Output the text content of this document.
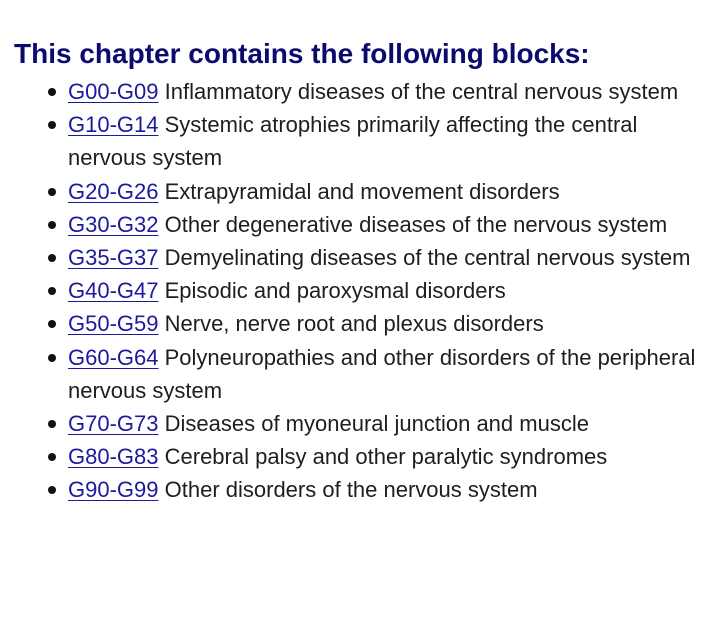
This chapter contains the following blocks:
G00-G09 Inflammatory diseases of the central nervous system
G10-G14 Systemic atrophies primarily affecting the central nervous system
G20-G26 Extrapyramidal and movement disorders
G30-G32 Other degenerative diseases of the nervous system
G35-G37 Demyelinating diseases of the central nervous system
G40-G47 Episodic and paroxysmal disorders
G50-G59 Nerve, nerve root and plexus disorders
G60-G64 Polyneuropathies and other disorders of the peripheral nervous system
G70-G73 Diseases of myoneural junction and muscle
G80-G83 Cerebral palsy and other paralytic syndromes
G90-G99 Other disorders of the nervous system
